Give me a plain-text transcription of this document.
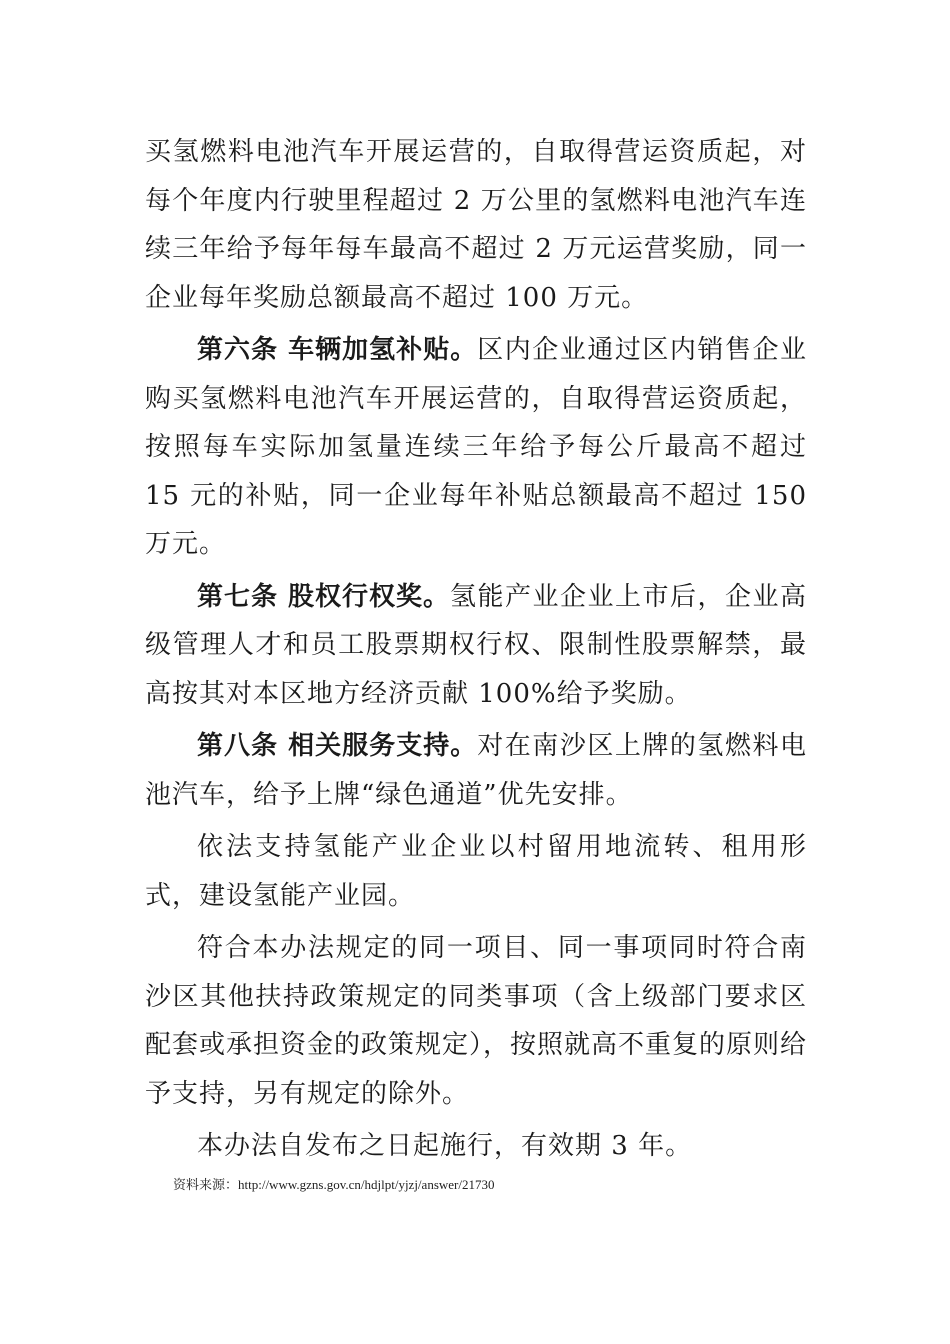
买氢燃料电池汽车开展运营的，自取得营运资质起，对每个年度内行驶里程超过 2 万公里的氢燃料电池汽车连续三年给予每年每车最高不超过 2 万元运营奖励，同一企业每年奖励总额最高不超过 100 万元。

第六条 车辆加氢补贴。区内企业通过区内销售企业购买氢燃料电池汽车开展运营的，自取得营运资质起，按照每车实际加氢量连续三年给予每公斤最高不超过 15 元的补贴，同一企业每年补贴总额最高不超过 150 万元。

第七条 股权行权奖。氢能产业企业上市后，企业高级管理人才和员工股票期权行权、限制性股票解禁，最高按其对本区地方经济贡献 100%给予奖励。

第八条 相关服务支持。对在南沙区上牌的氢燃料电池汽车，给予上牌“绿色通道”优先安排。

依法支持氢能产业企业以村留用地流转、租用形式，建设氢能产业园。

符合本办法规定的同一项目、同一事项同时符合南沙区其他扶持政策规定的同类事项（含上级部门要求区配套或承担资金的政策规定），按照就高不重复的原则给予支持，另有规定的除外。

本办法自发布之日起施行，有效期 3 年。

资料来源：http://www.gzns.gov.cn/hdjlpt/yjzj/answer/21730
